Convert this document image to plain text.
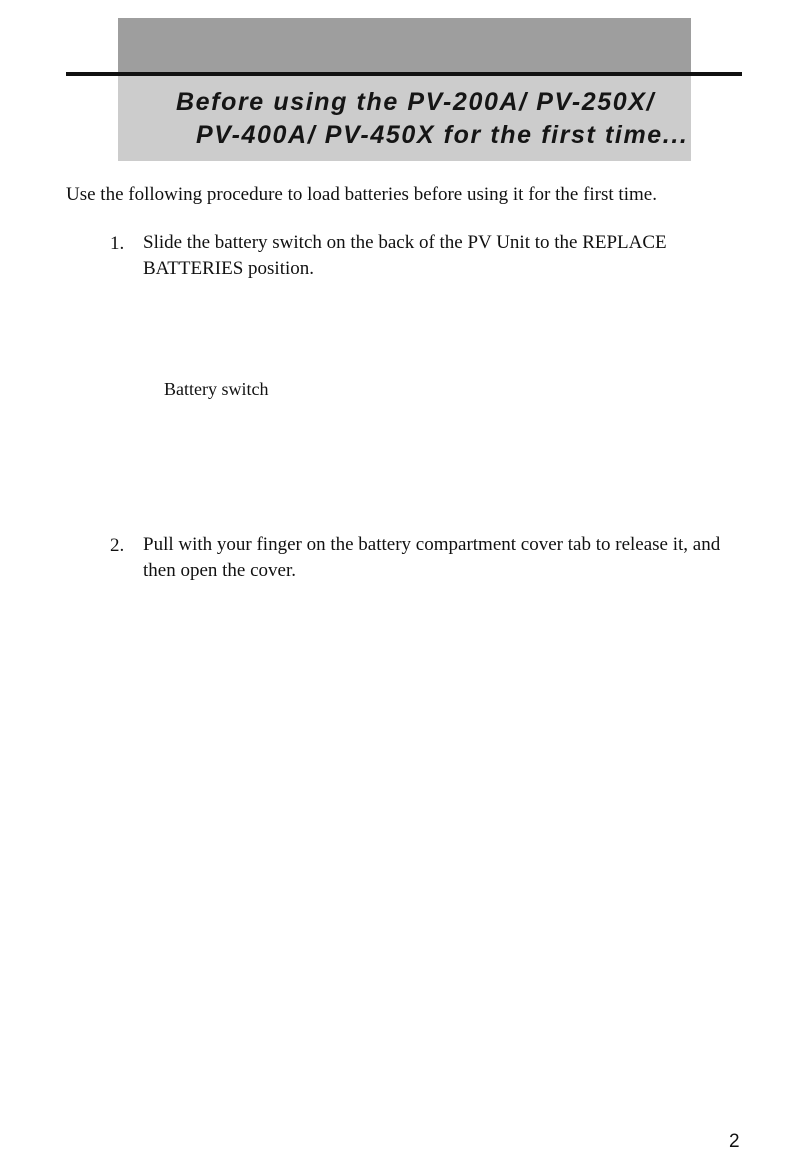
Before using the PV-200A/ PV-250X/
PV-400A/ PV-450X for the first time...

Use the following procedure to load batteries before using it for the first time.

1. Slide the battery switch on the back of the PV Unit to the REPLACE BATTERIES position.

Battery switch
2. Pull with your finger on the battery compartment cover tab to release it, and then open the cover.

2
